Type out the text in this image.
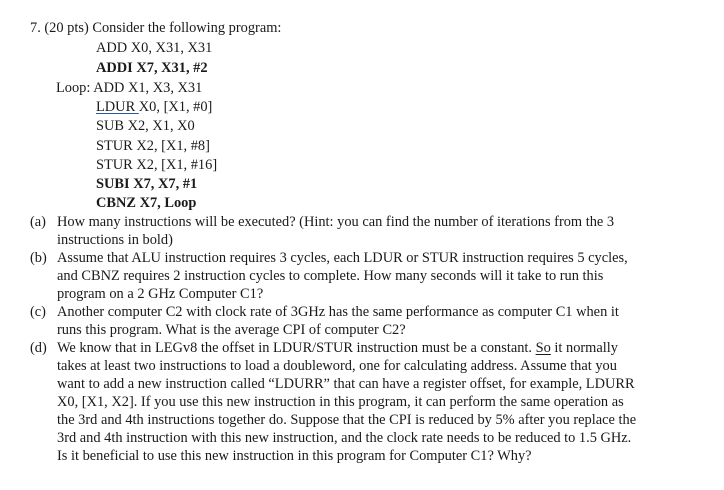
7. (20 pts) Consider the following program:
ADD X0, X31, X31
ADDI X7, X31, #2
Loop: ADD X1, X3, X31
LDUR X0, [X1, #0]
SUB X2, X1, X0
STUR X2, [X1, #8]
STUR X2, [X1, #16]
SUBI X7, X7, #1
CBNZ X7, Loop
(a) How many instructions will be executed? (Hint: you can find the number of iterations from the 3
instructions in bold)
(b) Assume that ALU instruction requires 3 cycles, each LDUR or STUR instruction requires 5 cycles,
and CBNZ requires 2 instruction cycles to complete. How many seconds will it take to run this
program on a 2 GHz Computer C1?
(c) Another computer C2 with clock rate of 3GHz has the same performance as computer C1 when it
runs this program. What is the average CPI of computer C2?
(d) We know that in LEGv8 the offset in LDUR/STUR instruction must be a constant. So it normally
takes at least two instructions to load a doubleword, one for calculating address. Assume that you
want to add a new instruction called “LDURR” that can have a register offset, for example, LDURR
X0, [X1, X2]. If you use this new instruction in this program, it can perform the same operation as
the 3rd and 4th instructions together do. Suppose that the CPI is reduced by 5% after you replace the
3rd and 4th instruction with this new instruction, and the clock rate needs to be reduced to 1.5 GHz.
Is it beneficial to use this new instruction in this program for Computer C1? Why?
